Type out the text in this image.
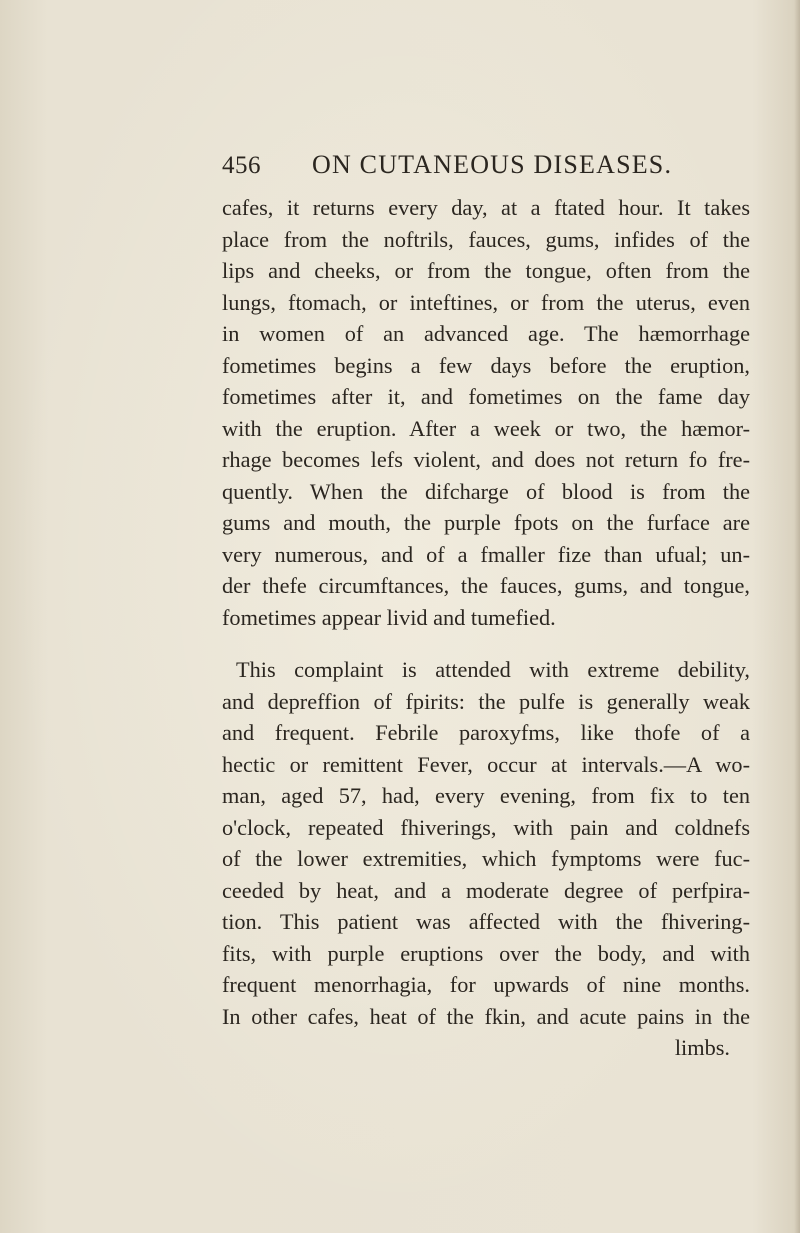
456 ON CUTANEOUS DISEASES.
cafes, it returns every day, at a ftated hour. It takes
place from the noftrils, fauces, gums, infides of the
lips and cheeks, or from the tongue, often from the
lungs, ftomach, or inteftines, or from the uterus, even
in women of an advanced age. The hæmorrhage
fometimes begins a few days before the eruption,
fometimes after it, and fometimes on the fame day
with the eruption. After a week or two, the hæmor-
rhage becomes lefs violent, and does not return fo fre-
quently. When the difcharge of blood is from the
gums and mouth, the purple fpots on the furface are
very numerous, and of a fmaller fize than ufual; un-
der thefe circumftances, the fauces, gums, and tongue,
fometimes appear livid and tumefied.
This complaint is attended with extreme debility,
and depreffion of fpirits: the pulfe is generally weak
and frequent. Febrile paroxyfms, like thofe of a
hectic or remittent Fever, occur at intervals.—A wo-
man, aged 57, had, every evening, from fix to ten
o'clock, repeated fhiverings, with pain and coldnefs
of the lower extremities, which fymptoms were fuc-
ceeded by heat, and a moderate degree of perfpira-
tion. This patient was affected with the fhivering-
fits, with purple eruptions over the body, and with
frequent menorrhagia, for upwards of nine months.
In other cafes, heat of the fkin, and acute pains in the
limbs.
